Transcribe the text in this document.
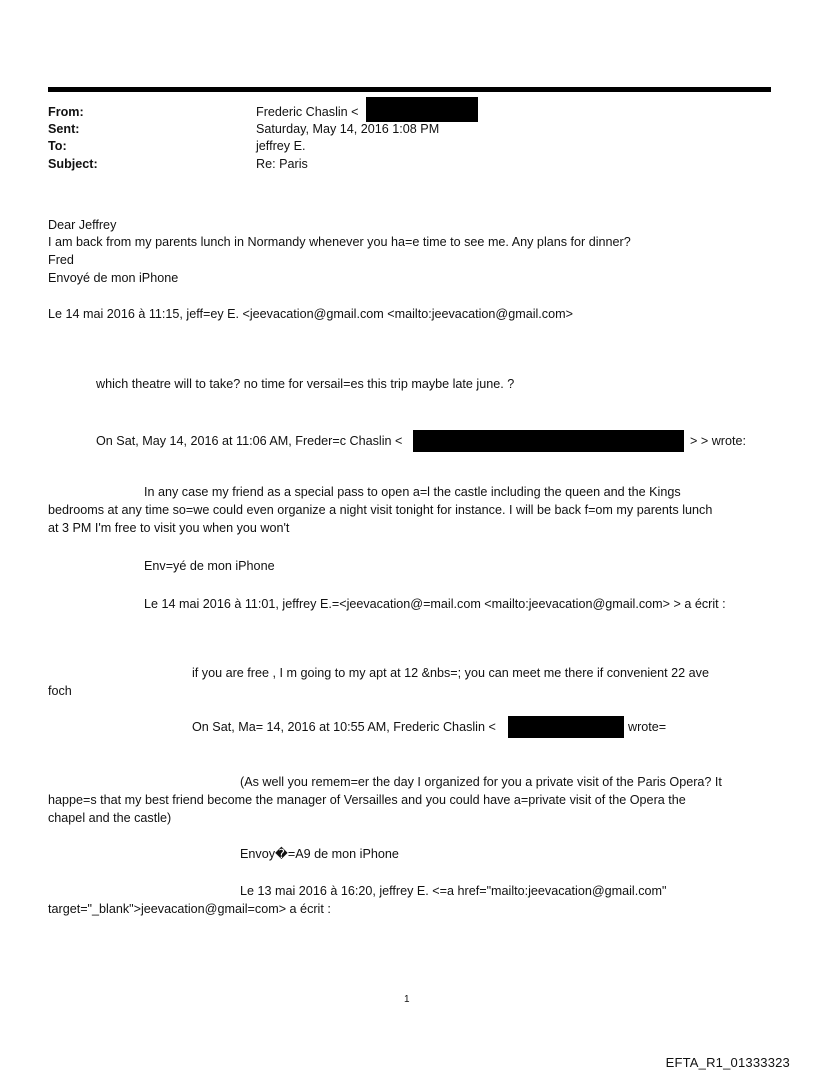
From:	Frederic Chaslin <
Sent:	Saturday, May 14, 2016 1:08 PM
To:	jeffrey E.
Subject:	Re: Paris
Dear Jeffrey
I am back from my parents lunch in Normandy whenever you ha=e time to see me. Any plans for dinner?
Fred
Envoyé de mon iPhone
Le 14 mai 2016 à 11:15, jeff=ey E. <jeevacation@gmail.com <mailto:jeevacation@gmail.com>
which theatre will to take? no time for versail=es this trip maybe late june. ?
On Sat, May 14, 2016 at 11:06 AM, Freder=c Chaslin <	> > wrote:
In any case my friend as a special pass to open a=l the castle including the queen and the Kings
bedrooms at any time so=we could even organize a night visit tonight for instance. I will be back f=om my parents lunch
at 3 PM I'm free to visit you when you won't
Env=yé de mon iPhone
Le 14 mai 2016 à 11:01, jeffrey E.=<jeevacation@=mail.com <mailto:jeevacation@gmail.com> > a écrit :
if you are free , I m going to my apt at 12 &nbs=; you can meet me there if convenient 22 ave
foch
On Sat, Ma= 14, 2016 at 10:55 AM, Frederic Chaslin <	wrote=
(As well you remem=er the day I organized for you a private visit of the Paris Opera? It
happe=s that my best friend become the manager of Versailles and you could have a=private visit of the Opera the
chapel and the castle)
Envoy�=A9 de mon iPhone
Le 13 mai 2016 à 16:20, jeffrey E. <=a href="mailto:jeevacation@gmail.com"
target="_blank">jeevacation@gmail=com> a écrit :
1
EFTA_R1_01333323
